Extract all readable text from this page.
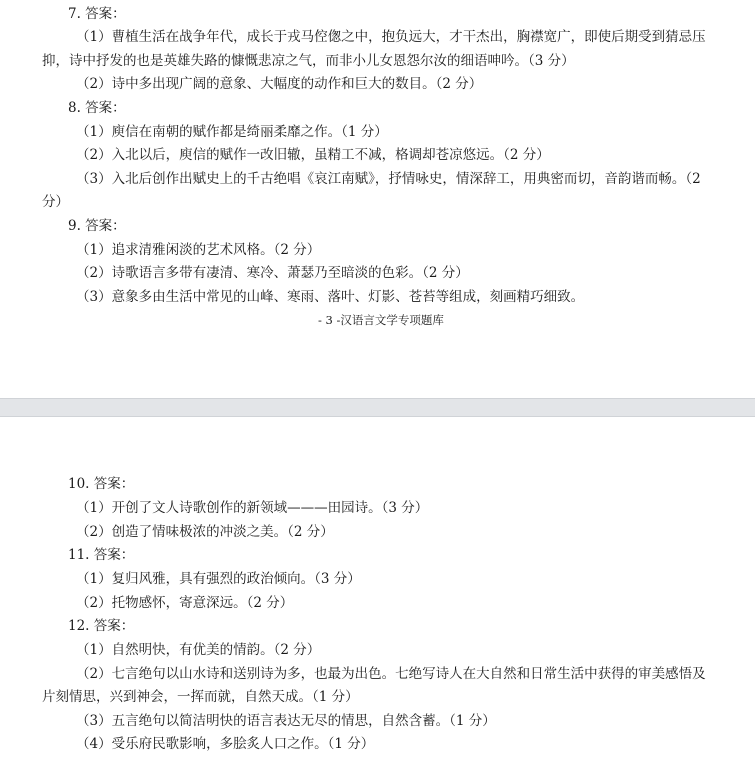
7. 答案：
（1）曹植生活在战争年代，成长于戎马倥偬之中，抱负远大，才干杰出，胸襟宽广，即使后期受到猜忌压
抑，诗中抒发的也是英雄失路的慷慨悲凉之气，而非小儿女恩怨尔汝的细语呻吟。（3 分）
（2）诗中多出现广阔的意象、大幅度的动作和巨大的数目。（2 分）
8. 答案：
（1）庾信在南朝的赋作都是绮丽柔靡之作。（1 分）
（2）入北以后，庾信的赋作一改旧辙，虽精工不减，格调却苍凉悠远。（2 分）
（3）入北后创作出赋史上的千古绝唱《哀江南赋》，抒情咏史，情深辞工，用典密而切，音韵谐而畅。（2
分）
9. 答案：
（1）追求清雅闲淡的艺术风格。（2 分）
（2）诗歌语言多带有凄清、寒冷、萧瑟乃至暗淡的色彩。（2 分）
（3）意象多由生活中常见的山峰、寒雨、落叶、灯影、苍苔等组成，刻画精巧细致。
- 3 -汉语言文学专项题库
10. 答案：
（1）开创了文人诗歌创作的新领域———田园诗。（3 分）
（2）创造了情味极浓的冲淡之美。（2 分）
11. 答案：
（1）复归风雅，具有强烈的政治倾向。（3 分）
（2）托物感怀，寄意深远。（2 分）
12. 答案：
（1）自然明快，有优美的情韵。（2 分）
（2）七言绝句以山水诗和送别诗为多，也最为出色。七绝写诗人在大自然和日常生活中获得的审美感悟及
片刻情思，兴到神会，一挥而就，自然天成。（1 分）
（3）五言绝句以简洁明快的语言表达无尽的情思，自然含蓄。（1 分）
（4）受乐府民歌影响，多脍炙人口之作。（1 分）
